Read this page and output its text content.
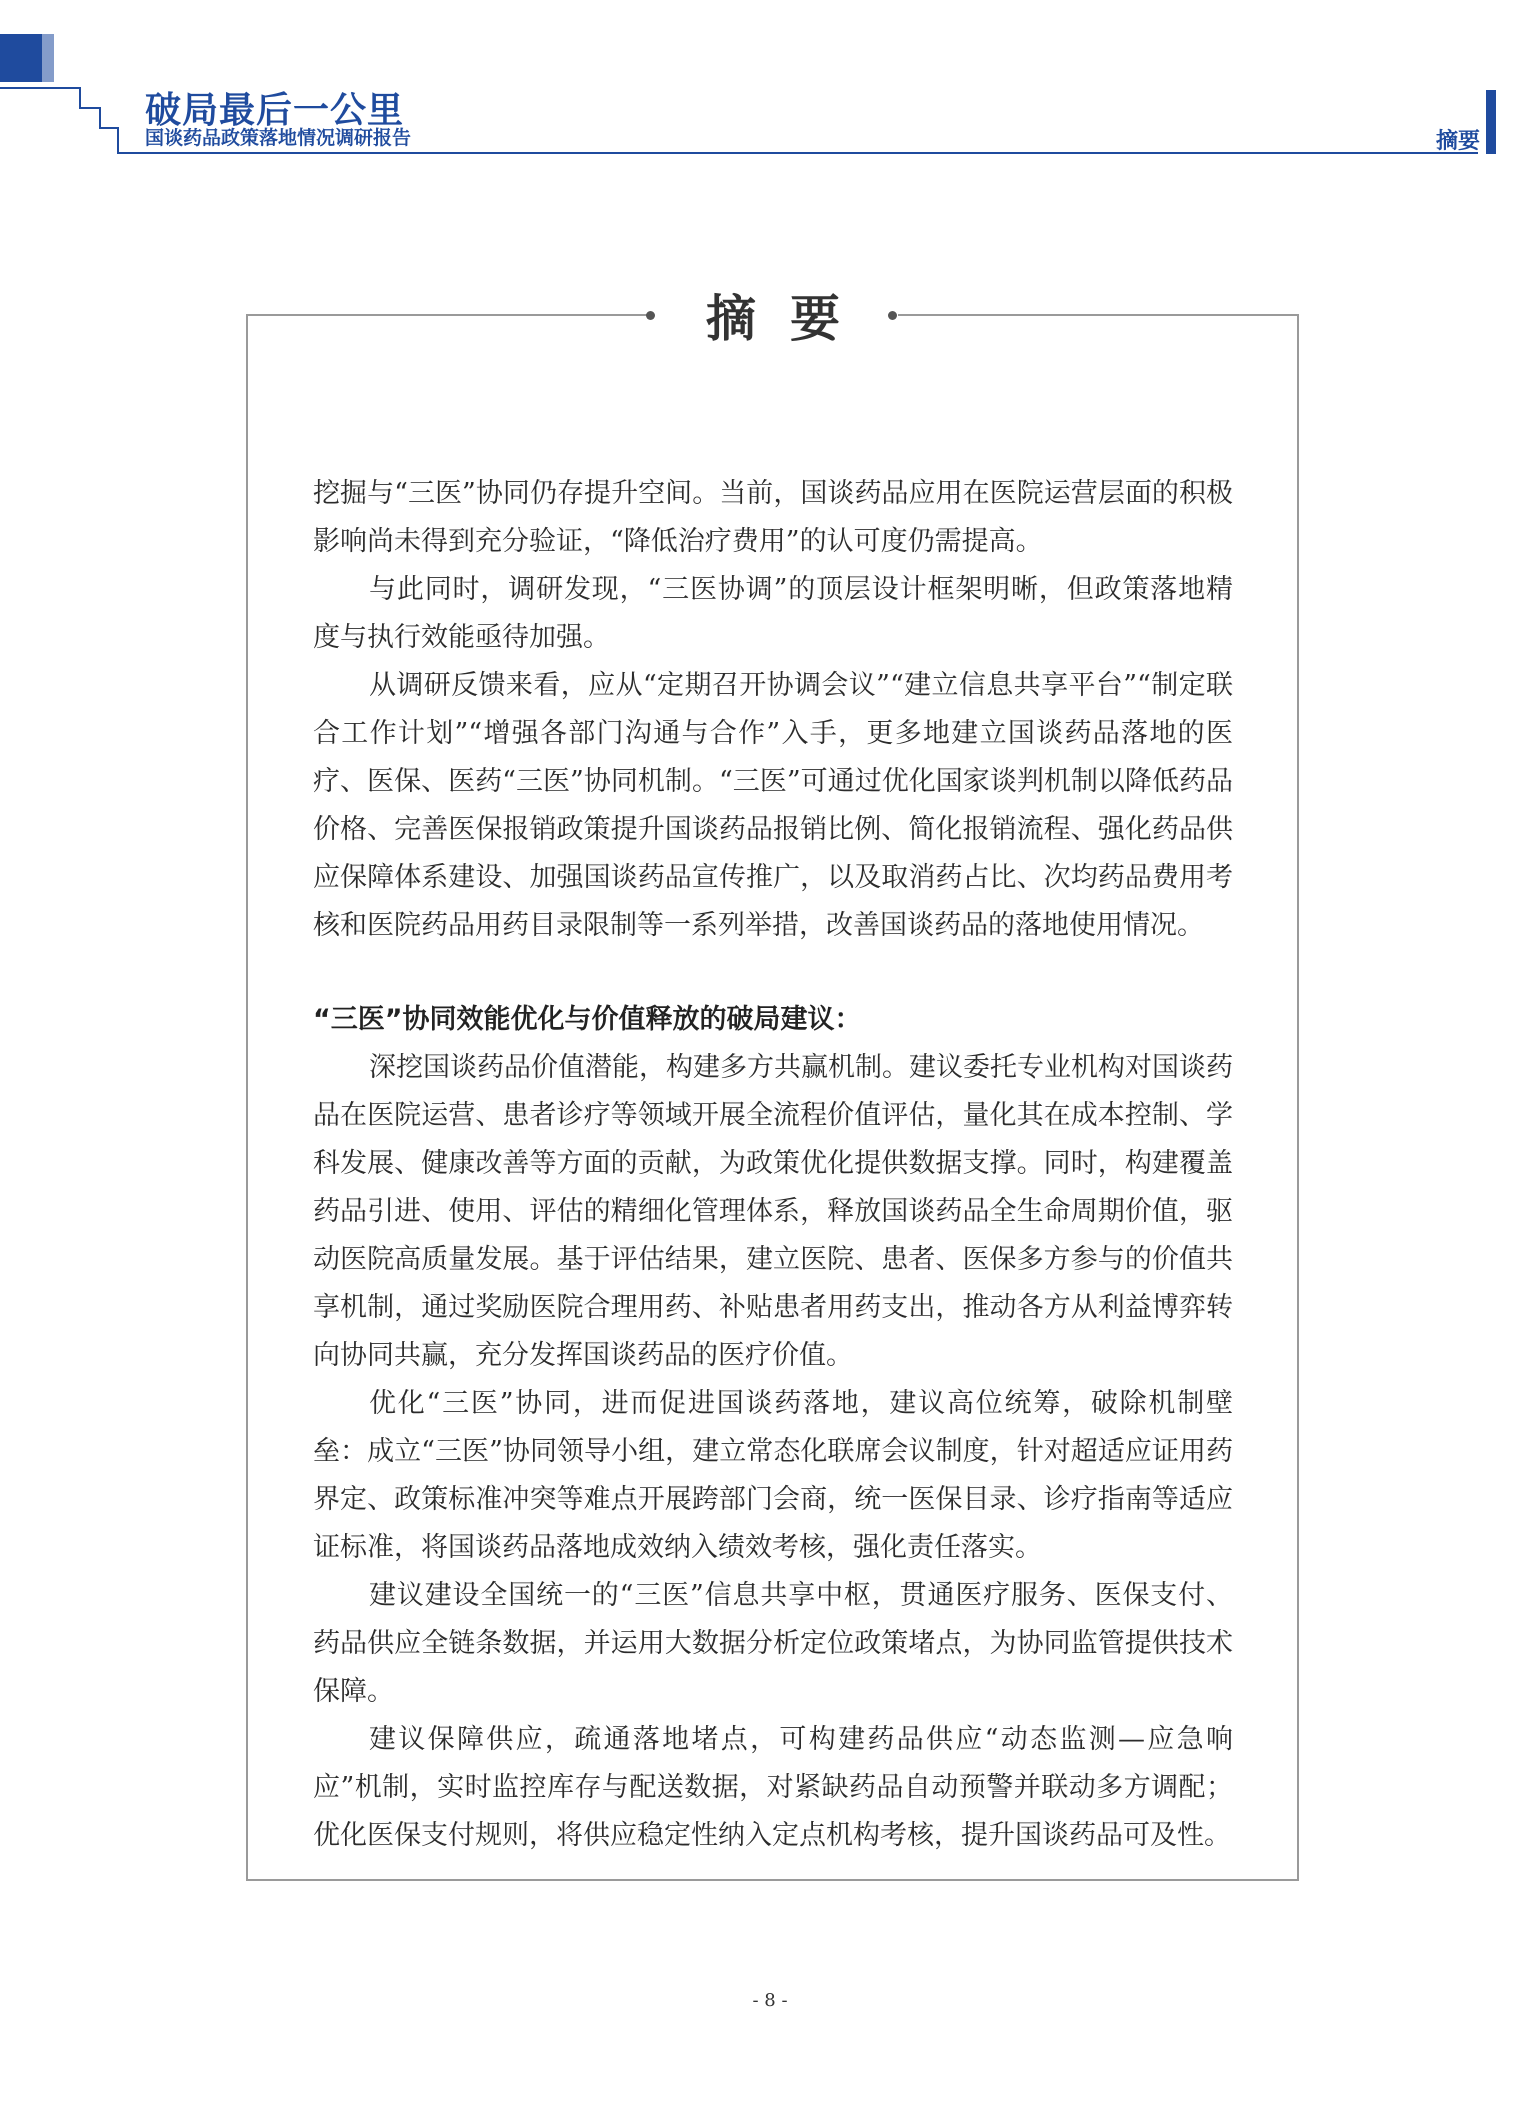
破局最后一公里
国谈药品政策落地情况调研报告	摘要
摘要

挖掘与“三医”协同仍存提升空间。当前，国谈药品应用在医院运营层面的积极影响尚未得到充分验证，“降低治疗费用”的认可度仍需提高。

与此同时，调研发现，“三医协调”的顶层设计框架明晰，但政策落地精度与执行效能亟待加强。

从调研反馈来看，应从“定期召开协调会议”“建立信息共享平台”“制定联合工作计划”“增强各部门沟通与合作”入手，更多地建立国谈药品落地的医疗、医保、医药“三医”协同机制。“三医”可通过优化国家谈判机制以降低药品价格、完善医保报销政策提升国谈药品报销比例、简化报销流程、强化药品供应保障体系建设、加强国谈药品宣传推广，以及取消药占比、次均药品费用考核和医院药品用药目录限制等一系列举措，改善国谈药品的落地使用情况。

“三医”协同效能优化与价值释放的破局建议：

深挖国谈药品价值潜能，构建多方共赢机制。建议委托专业机构对国谈药品在医院运营、患者诊疗等领域开展全流程价值评估，量化其在成本控制、学科发展、健康改善等方面的贡献，为政策优化提供数据支撑。同时，构建覆盖药品引进、使用、评估的精细化管理体系，释放国谈药品全生命周期价值，驱动医院高质量发展。基于评估结果，建立医院、患者、医保多方参与的价值共享机制，通过奖励医院合理用药、补贴患者用药支出，推动各方从利益博弈转向协同共赢，充分发挥国谈药品的医疗价值。

优化“三医”协同，进而促进国谈药落地，建议高位统筹，破除机制壁垒：成立“三医”协同领导小组，建立常态化联席会议制度，针对超适应证用药界定、政策标准冲突等难点开展跨部门会商，统一医保目录、诊疗指南等适应证标准，将国谈药品落地成效纳入绩效考核，强化责任落实。

建议建设全国统一的“三医”信息共享中枢，贯通医疗服务、医保支付、药品供应全链条数据，并运用大数据分析定位政策堵点，为协同监管提供技术保障。

建议保障供应，疏通落地堵点，可构建药品供应“动态监测—应急响应”机制，实时监控库存与配送数据，对紧缺药品自动预警并联动多方调配；优化医保支付规则，将供应稳定性纳入定点机构考核，提升国谈药品可及性。

- 8 -
